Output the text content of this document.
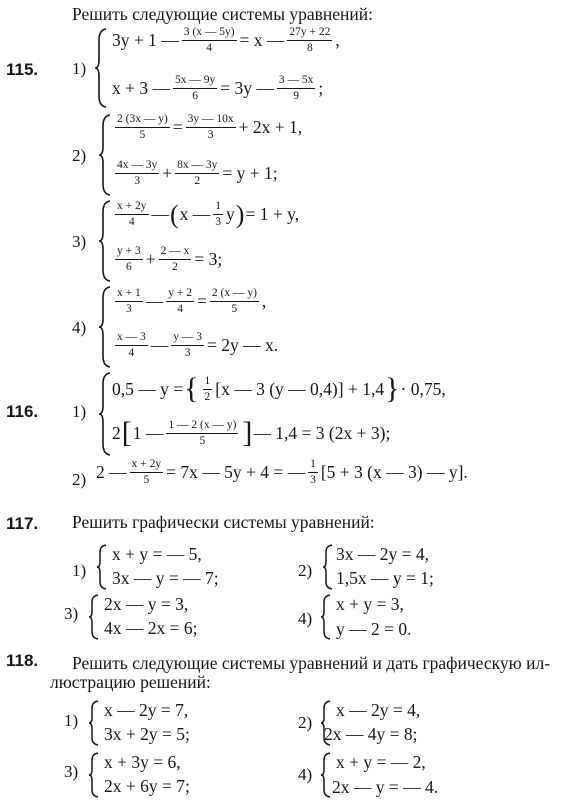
Решить следующие системы уравнений:
115. 1)
3y + 1 — $\frac{3 (x — 5y)}{4} = x$ — $\frac{27y + 22}{8}$ ,
x + 3 — $\frac{5x — 9y}{6} = 3y$ — $\frac{3 — 5x}{9}$ ;
2)
$\frac{2 (3x — y)}{5} = \frac{3y — 10x}{3} + 2x + 1$,
$\frac{4x — 3y}{3} + \frac{8x — 3y}{2} = y + 1$;
3)
$\frac{x + 2y}{4}$ — ( x — $\frac{1}{3}$ y ) = 1 + y,
$\frac{y + 3}{6} + \frac{2 — x}{2} = 3$;
4)
$\frac{x + 1}{3}$ — $\frac{y + 2}{4} = \frac{2 (x — y)}{5}$ ,
$\frac{x — 3}{4}$ — $\frac{y — 3}{3} = 2y$ — x.
116. 1)
0,5 — y = { $\frac{1}{2} [x$ — 3 (y — 0,4)] + 1,4 } · 0,75,
2 [ 1 — $\frac{1 — 2 (x — y)}{5}$ ] — 1,4 = 3 (2x + 3);
2) 2 — $\frac{x + 2y}{5} = 7x$ — 5y + 4 = — $\frac{1}{3} [5 + 3$ (x — 3) — y].
117. Решить графически системы уравнений:
1)
x + y = — 5,
3x — y = — 7;	2)
3x — 2y = 4,
1,5x — y = 1;
3) 2x — y = 3,
4x — 2x = 6;	4)
x + y = 3,
y — 2 = 0.
118. Решить следующие системы уравнений и дать графическую ил-
люстрацию решений:
1)
x — 2y = 7,
3x + 2y = 5;
2)
x — 2y = 4,
2x — 4y = 8;
3) x + 3y = 6,
2x + 6y = 7;
4)
x + y = — 2,
2x — y = — 4.
